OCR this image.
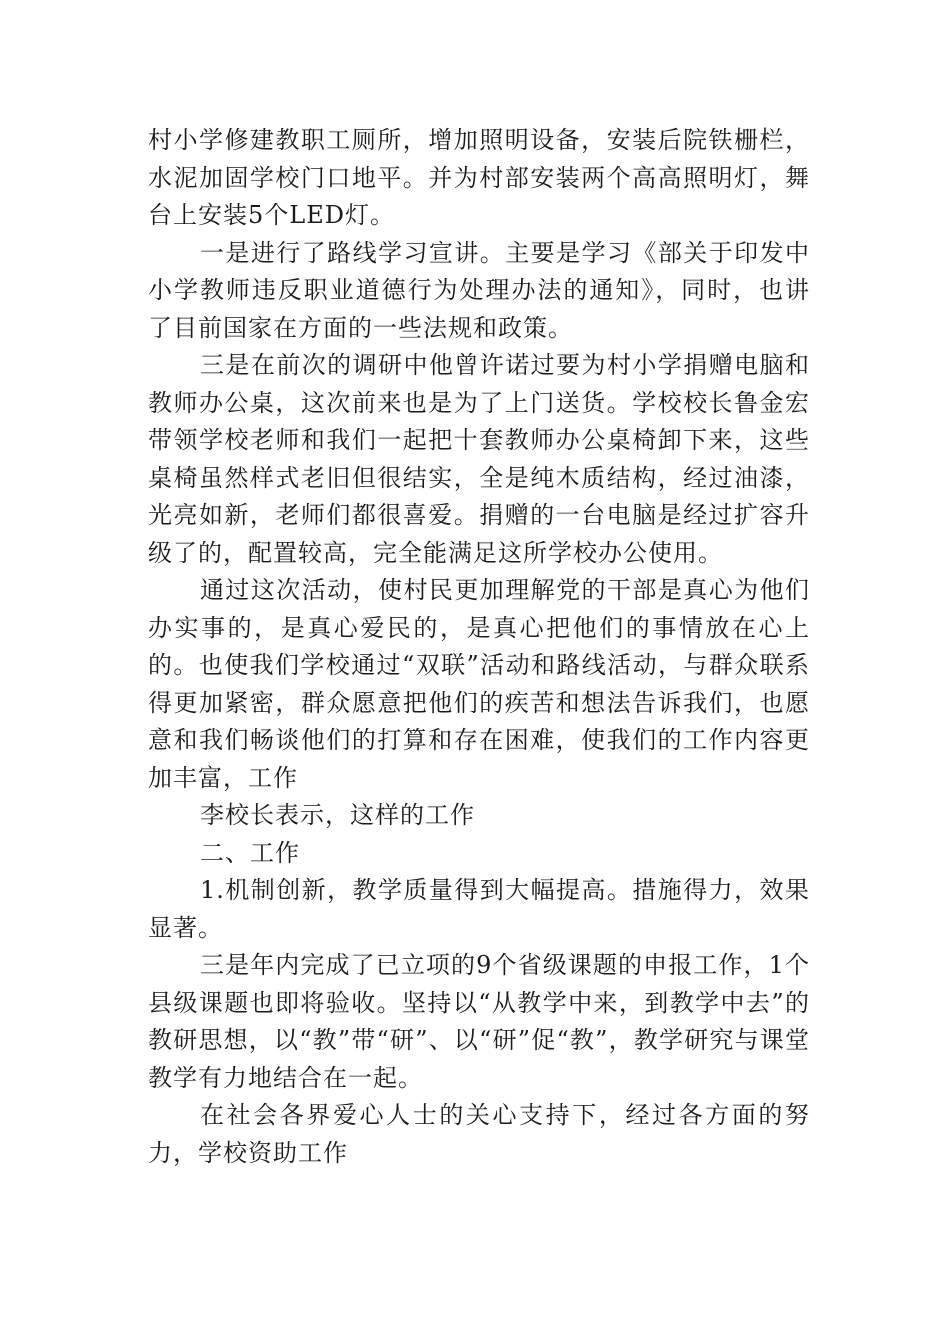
村小学修建教职工厕所，增加照明设备，安装后院铁栅栏，水泥加固学校门口地平。并为村部安装两个高高照明灯，舞台上安装5个LED灯。

一是进行了路线学习宣讲。主要是学习《部关于印发中小学教师违反职业道德行为处理办法的通知》，同时，也讲了目前国家在方面的一些法规和政策。

三是在前次的调研中他曾许诺过要为村小学捐赠电脑和教师办公桌，这次前来也是为了上门送货。学校校长鲁金宏带领学校老师和我们一起把十套教师办公桌椅卸下来，这些桌椅虽然样式老旧但很结实，全是纯木质结构，经过油漆，光亮如新，老师们都很喜爱。捐赠的一台电脑是经过扩容升级了的，配置较高，完全能满足这所学校办公使用。

通过这次活动，使村民更加理解党的干部是真心为他们办实事的，是真心爱民的，是真心把他们的事情放在心上的。也使我们学校通过“双联”活动和路线活动，与群众联系得更加紧密，群众愿意把他们的疾苦和想法告诉我们，也愿意和我们畅谈他们的打算和存在困难，使我们的工作内容更加丰富，工作

李校长表示，这样的工作

二、工作

1.机制创新，教学质量得到大幅提高。措施得力，效果显著。

三是年内完成了已立项的9个省级课题的申报工作，1个县级课题也即将验收。坚持以“从教学中来，到教学中去”的教研思想，以“教”带“研”、以“研”促“教”，教学研究与课堂教学有力地结合在一起。

在社会各界爱心人士的关心支持下，经过各方面的努力，学校资助工作
